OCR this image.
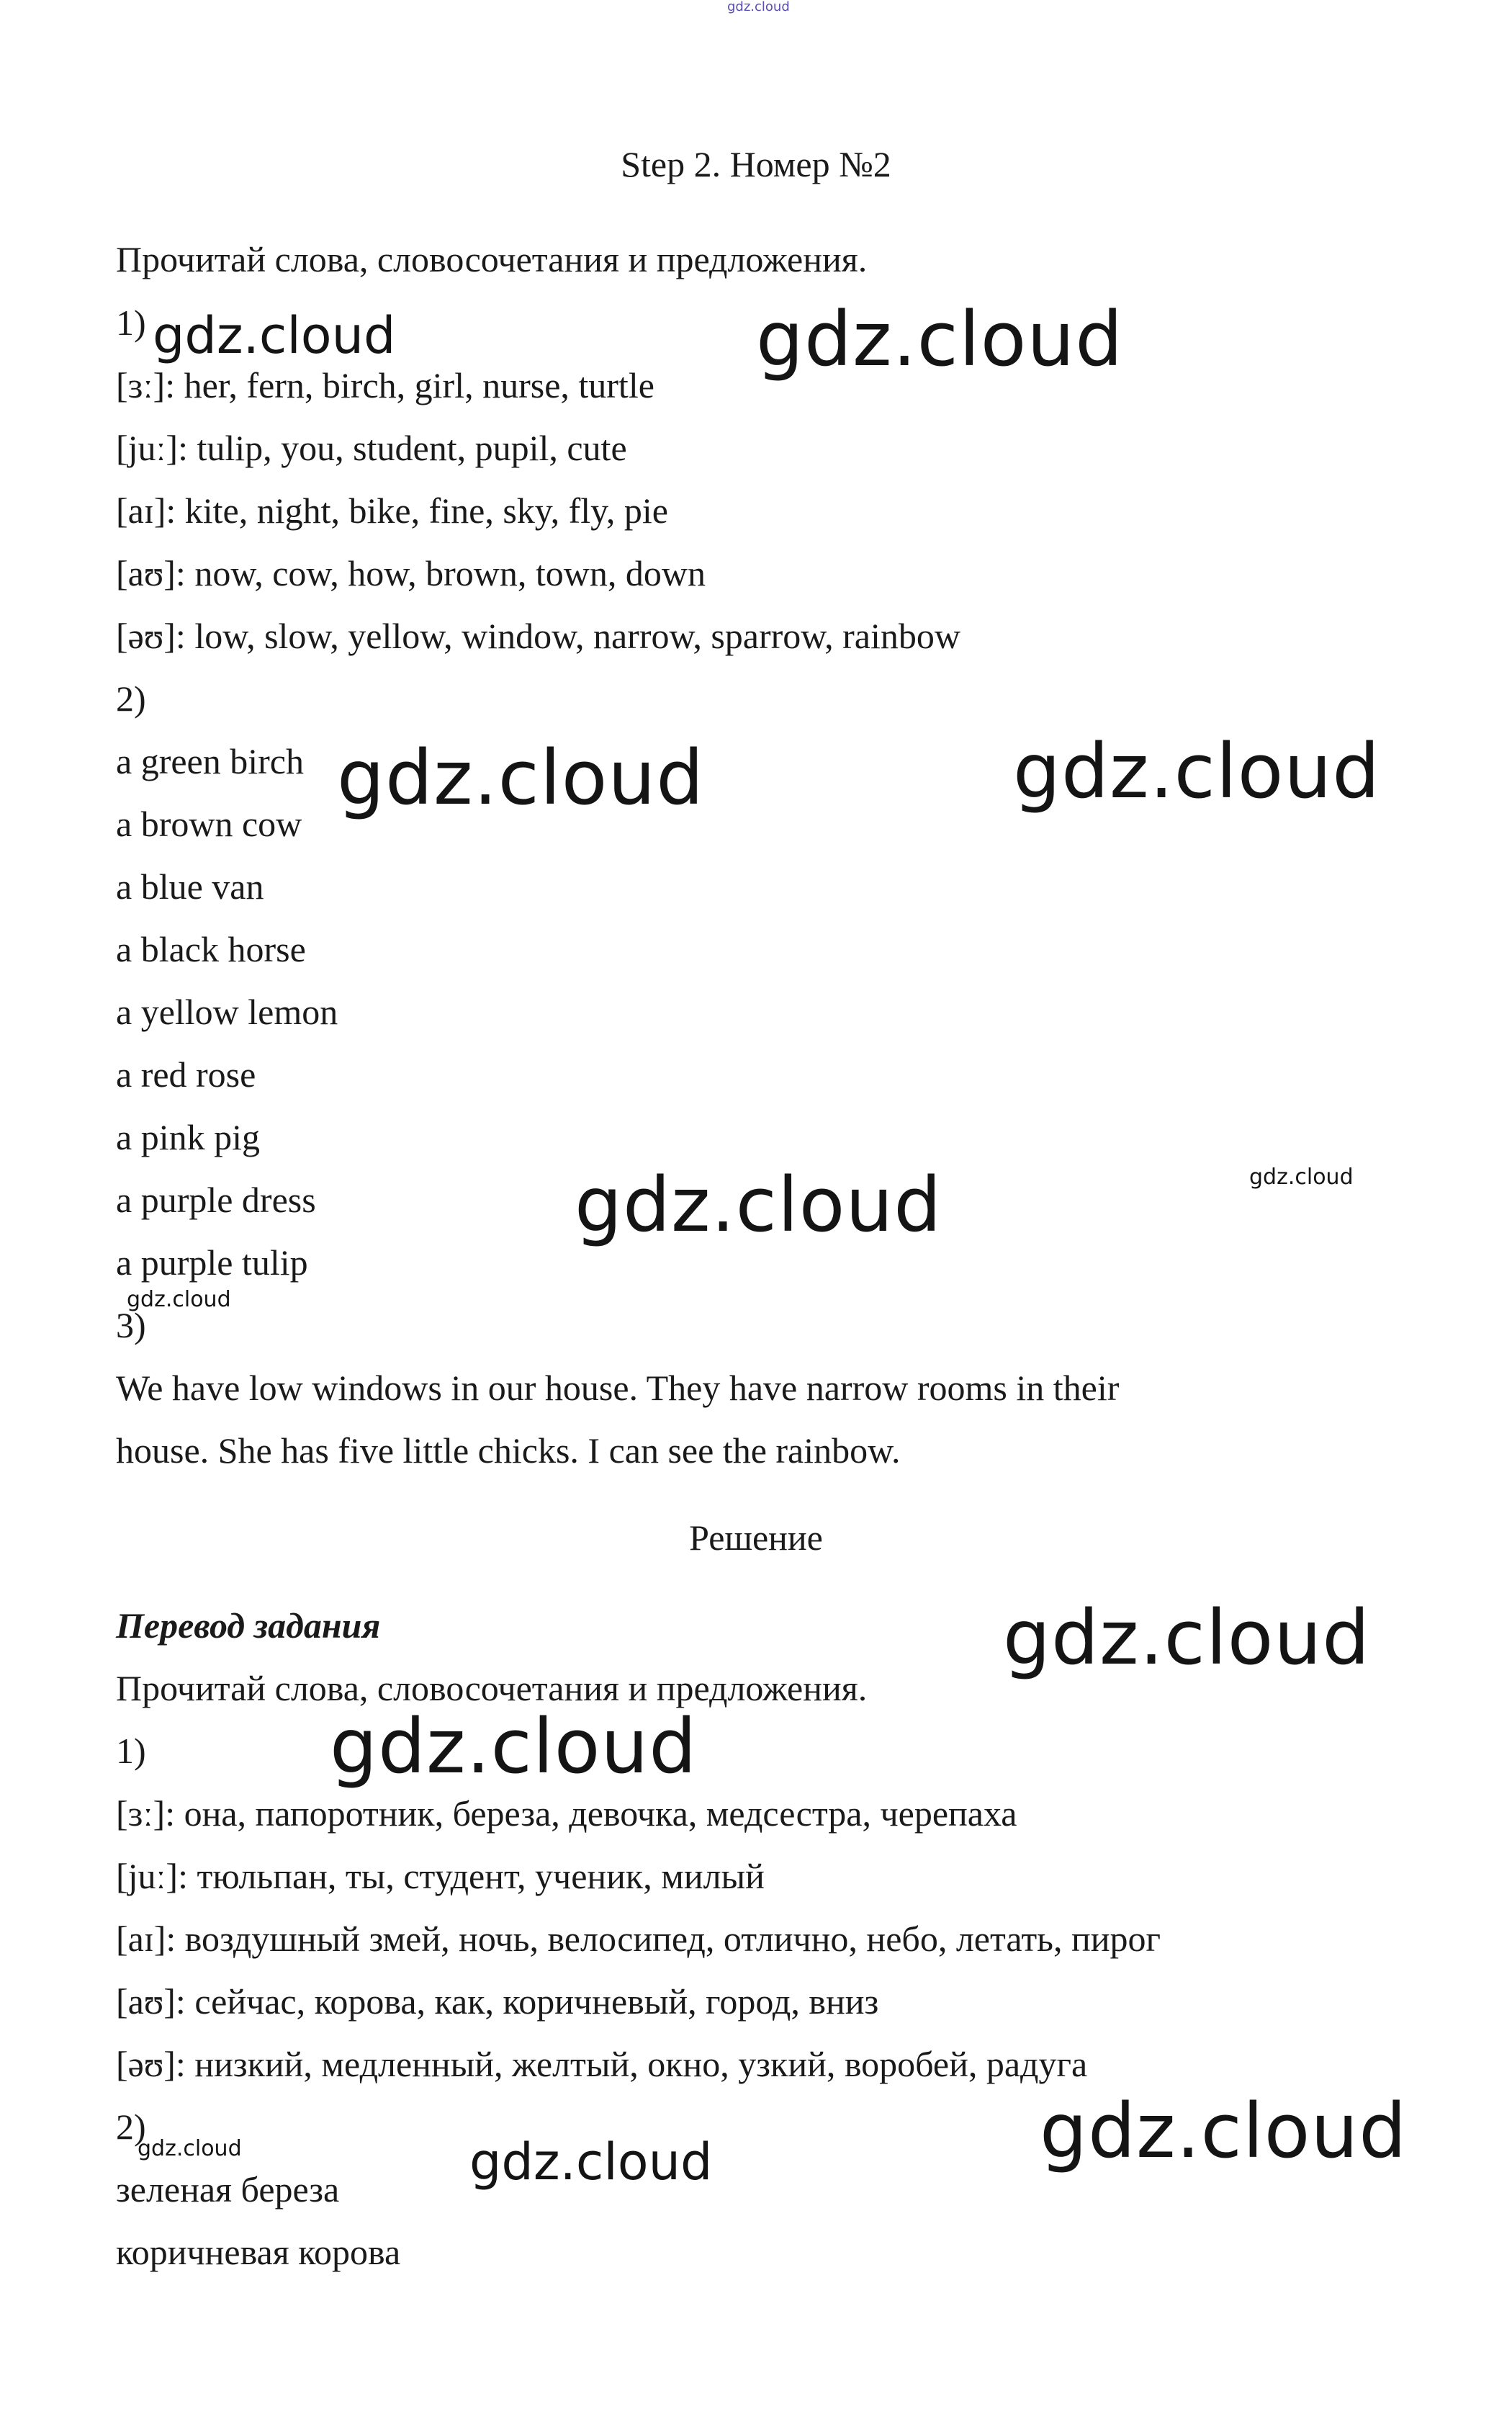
Step 2. Номер №2
Прочитай слова, словосочетания и предложения.
1)
[ɜː]: her, fern, birch, girl, nurse, turtle
[juː]: tulip, you, student, pupil, cute
[aɪ]: kite, night, bike, fine, sky, fly, pie
[aʊ]: now, cow, how, brown, town, down
[əʊ]: low, slow, yellow, window, narrow, sparrow, rainbow
2)
a green birch
a brown cow
a blue van
a black horse
a yellow lemon
a red rose
a pink pig
a purple dress
a purple tulip
3)
We have low windows in our house. They have narrow rooms in their
house. She has five little chicks. I can see the rainbow.
Решение
Перевод задания
Прочитай слова, словосочетания и предложения.
1)
[ɜː]: она, папоротник, береза, девочка, медсестра, черепаха
[juː]: тюльпан, ты, студент, ученик, милый
[aɪ]: воздушный змей, ночь, велосипед, отлично, небо, летать, пирог
[aʊ]: сейчас, корова, как, коричневый, город, вниз
[əʊ]: низкий, медленный, желтый, окно, узкий, воробей, радуга
2)
зеленая береза
коричневая корова
gdz.cloud
gdz.cloud	gdz.cloud
gdz.cloud	gdz.cloud
gdz.cloud
gdz.cloud
gdz.cloud
gdz.cloud
gdz.cloud
gdz.cloud
gdz.cloud	gdz.cloud
